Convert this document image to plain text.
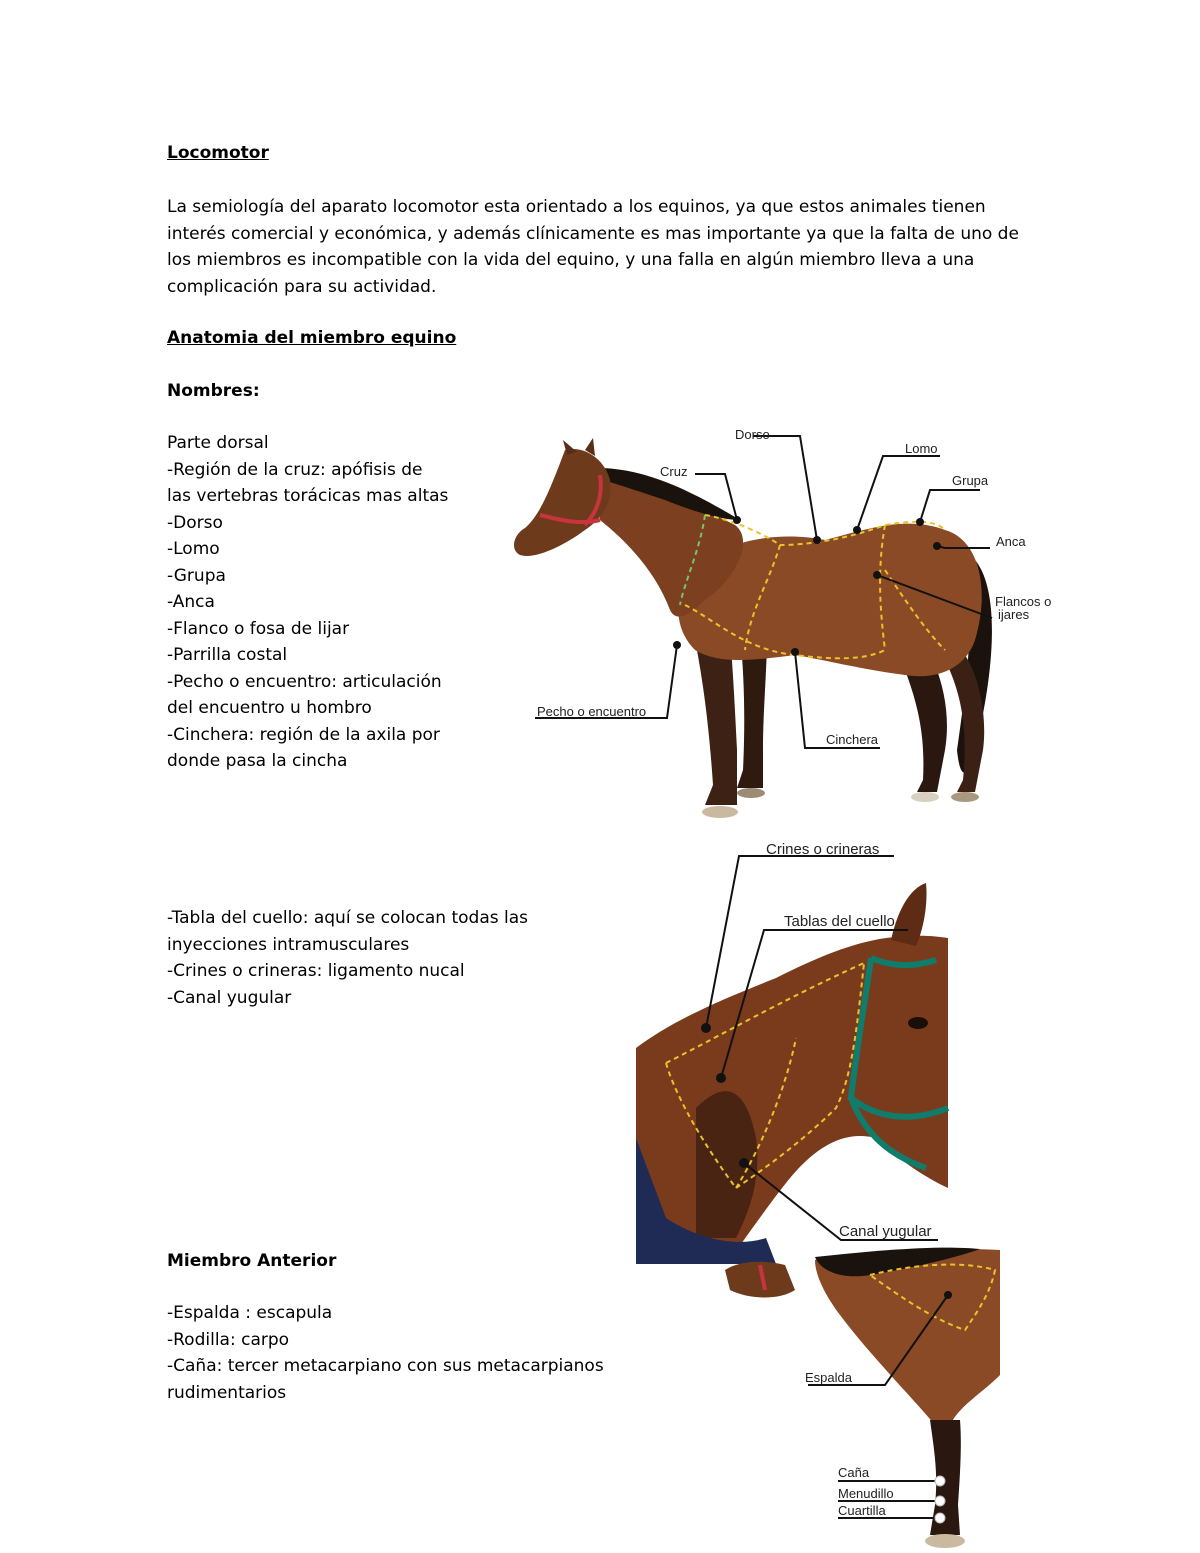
Locomotor
La semiología del aparato locomotor esta orientado a los equinos, ya que estos animales tienen
interés comercial y económica, y además clínicamente es mas importante ya que la falta de uno de
los miembros es incompatible con la vida del equino, y una falla en algún miembro lleva a una
complicación para su actividad.
Anatomia del miembro equino
Nombres:
Parte dorsal
-Región de la cruz: apófisis de
las vertebras torácicas mas altas
-Dorso
-Lomo
-Grupa
-Anca
-Flanco o fosa de lijar
-Parrilla costal
-Pecho o encuentro: articulación
del encuentro u hombro
-Cinchera: región de la axila por
donde pasa la cincha
Dorso
Lomo
Cruz
Grupa
Anca
Flancos o
ijares
Pecho o encuentro
Cinchera
-Tabla del cuello: aquí se colocan todas las
inyecciones intramusculares
-Crines o crineras: ligamento nucal
-Canal yugular
Crines o crineras
Tablas del cuello
Canal yugular
Miembro Anterior
-Espalda : escapula
-Rodilla: carpo
-Caña: tercer metacarpiano con sus metacarpianos
rudimentarios
Espalda
Caña
Menudillo
Cuartilla
